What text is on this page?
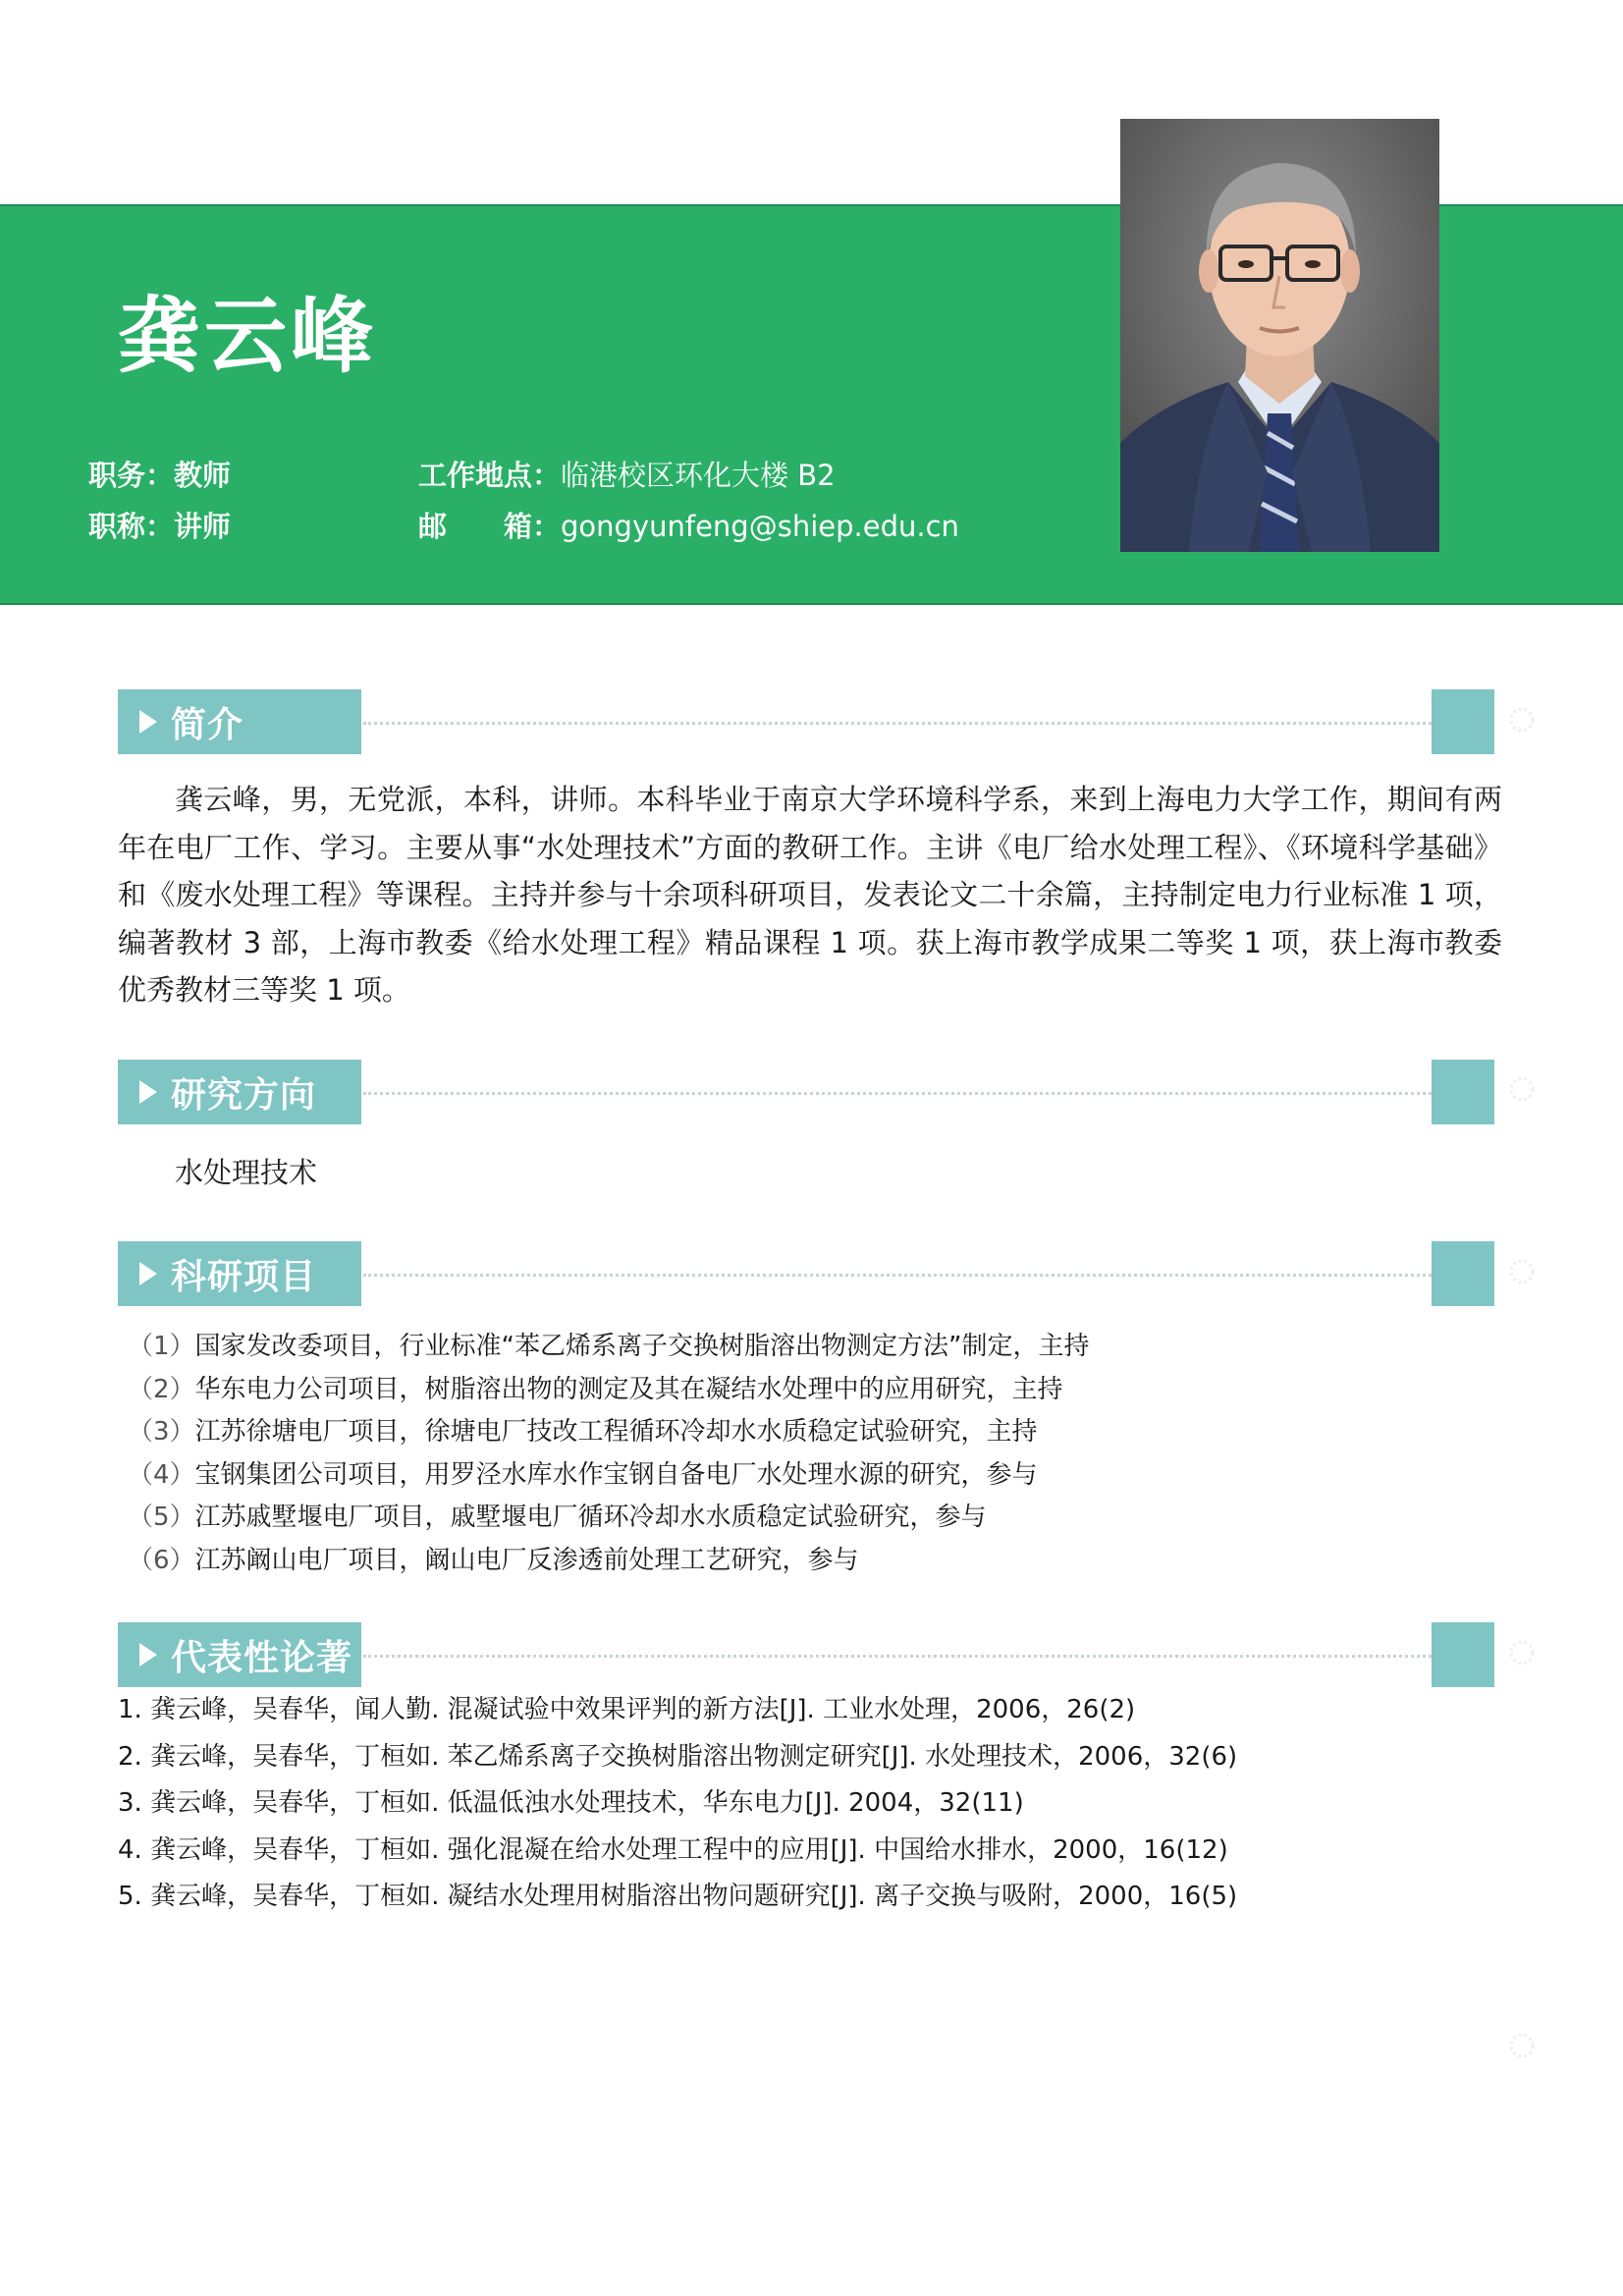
龚云峰
职务：教师
职称：讲师
工作地点：临港校区环化大楼 B2
邮　　箱：gongyunfeng@shiep.edu.cn
简介
龚云峰，男，无党派，本科，讲师。本科毕业于南京大学环境科学系，来到上海电力大学工作，期间有两年在电厂工作、学习。主要从事“水处理技术”方面的教研工作。主讲《电厂给水处理工程》、《环境科学基础》和《废水处理工程》等课程。主持并参与十余项科研项目，发表论文二十余篇，主持制定电力行业标准 1 项，编著教材 3 部，上海市教委《给水处理工程》精品课程 1 项。获上海市教学成果二等奖 1 项，获上海市教委优秀教材三等奖 1 项。
研究方向
水处理技术
科研项目
（1）国家发改委项目，行业标准“苯乙烯系离子交换树脂溶出物测定方法”制定，主持
（2）华东电力公司项目，树脂溶出物的测定及其在凝结水处理中的应用研究，主持
（3）江苏徐塘电厂项目，徐塘电厂技改工程循环冷却水水质稳定试验研究，主持
（4）宝钢集团公司项目，用罗泾水库水作宝钢自备电厂水处理水源的研究，参与
（5）江苏戚墅堰电厂项目，戚墅堰电厂循环冷却水水质稳定试验研究，参与
（6）江苏阚山电厂项目，阚山电厂反渗透前处理工艺研究，参与
代表性论著
1. 龚云峰，吴春华，闻人勤. 混凝试验中效果评判的新方法[J]. 工业水处理，2006，26(2)
2. 龚云峰，吴春华，丁桓如. 苯乙烯系离子交换树脂溶出物测定研究[J]. 水处理技术，2006，32(6)
3. 龚云峰，吴春华，丁桓如. 低温低浊水处理技术，华东电力[J]. 2004，32(11)
4. 龚云峰，吴春华，丁桓如. 强化混凝在给水处理工程中的应用[J]. 中国给水排水，2000，16(12)
5. 龚云峰，吴春华，丁桓如. 凝结水处理用树脂溶出物问题研究[J]. 离子交换与吸附，2000，16(5)
